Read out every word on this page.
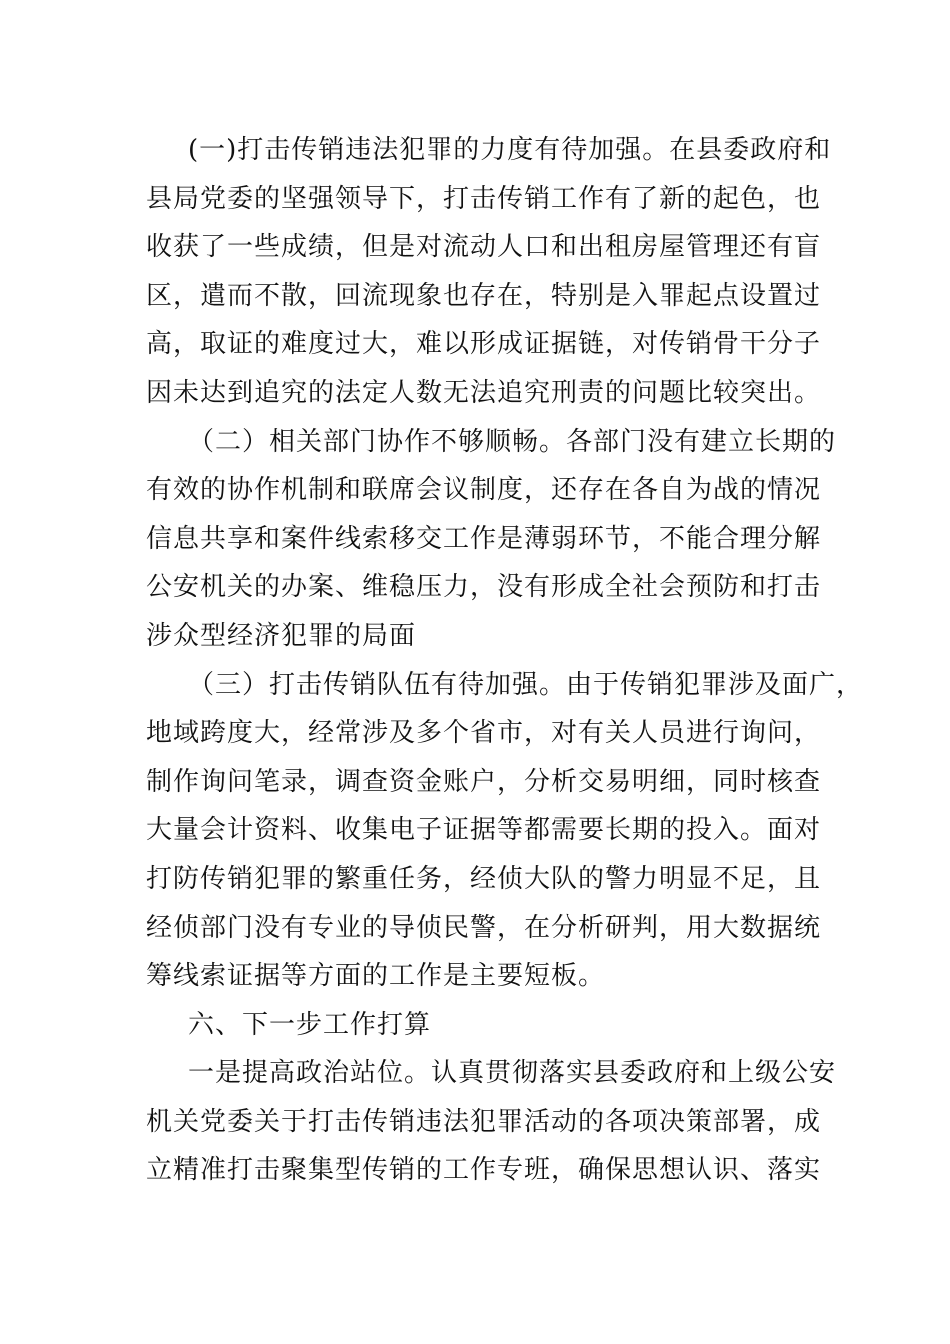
(一)打击传销违法犯罪的力度有待加强。在县委政府和
县局党委的坚强领导下，打击传销工作有了新的起色，也
收获了一些成绩，但是对流动人口和出租房屋管理还有盲
区，遣而不散，回流现象也存在，特别是入罪起点设置过
高，取证的难度过大，难以形成证据链，对传销骨干分子
因未达到追究的法定人数无法追究刑责的问题比较突出。
（二）相关部门协作不够顺畅。各部门没有建立长期的
有效的协作机制和联席会议制度，还存在各自为战的情况
信息共享和案件线索移交工作是薄弱环节，不能合理分解
公安机关的办案、维稳压力，没有形成全社会预防和打击
涉众型经济犯罪的局面
（三）打击传销队伍有待加强。由于传销犯罪涉及面广，
地域跨度大，经常涉及多个省市，对有关人员进行询问，
制作询问笔录，调查资金账户，分析交易明细，同时核查
大量会计资料、收集电子证据等都需要长期的投入。面对
打防传销犯罪的繁重任务，经侦大队的警力明显不足，且
经侦部门没有专业的导侦民警，在分析研判，用大数据统
筹线索证据等方面的工作是主要短板。
六、下一步工作打算
一是提高政治站位。认真贯彻落实县委政府和上级公安
机关党委关于打击传销违法犯罪活动的各项决策部署，成
立精准打击聚集型传销的工作专班，确保思想认识、落实
